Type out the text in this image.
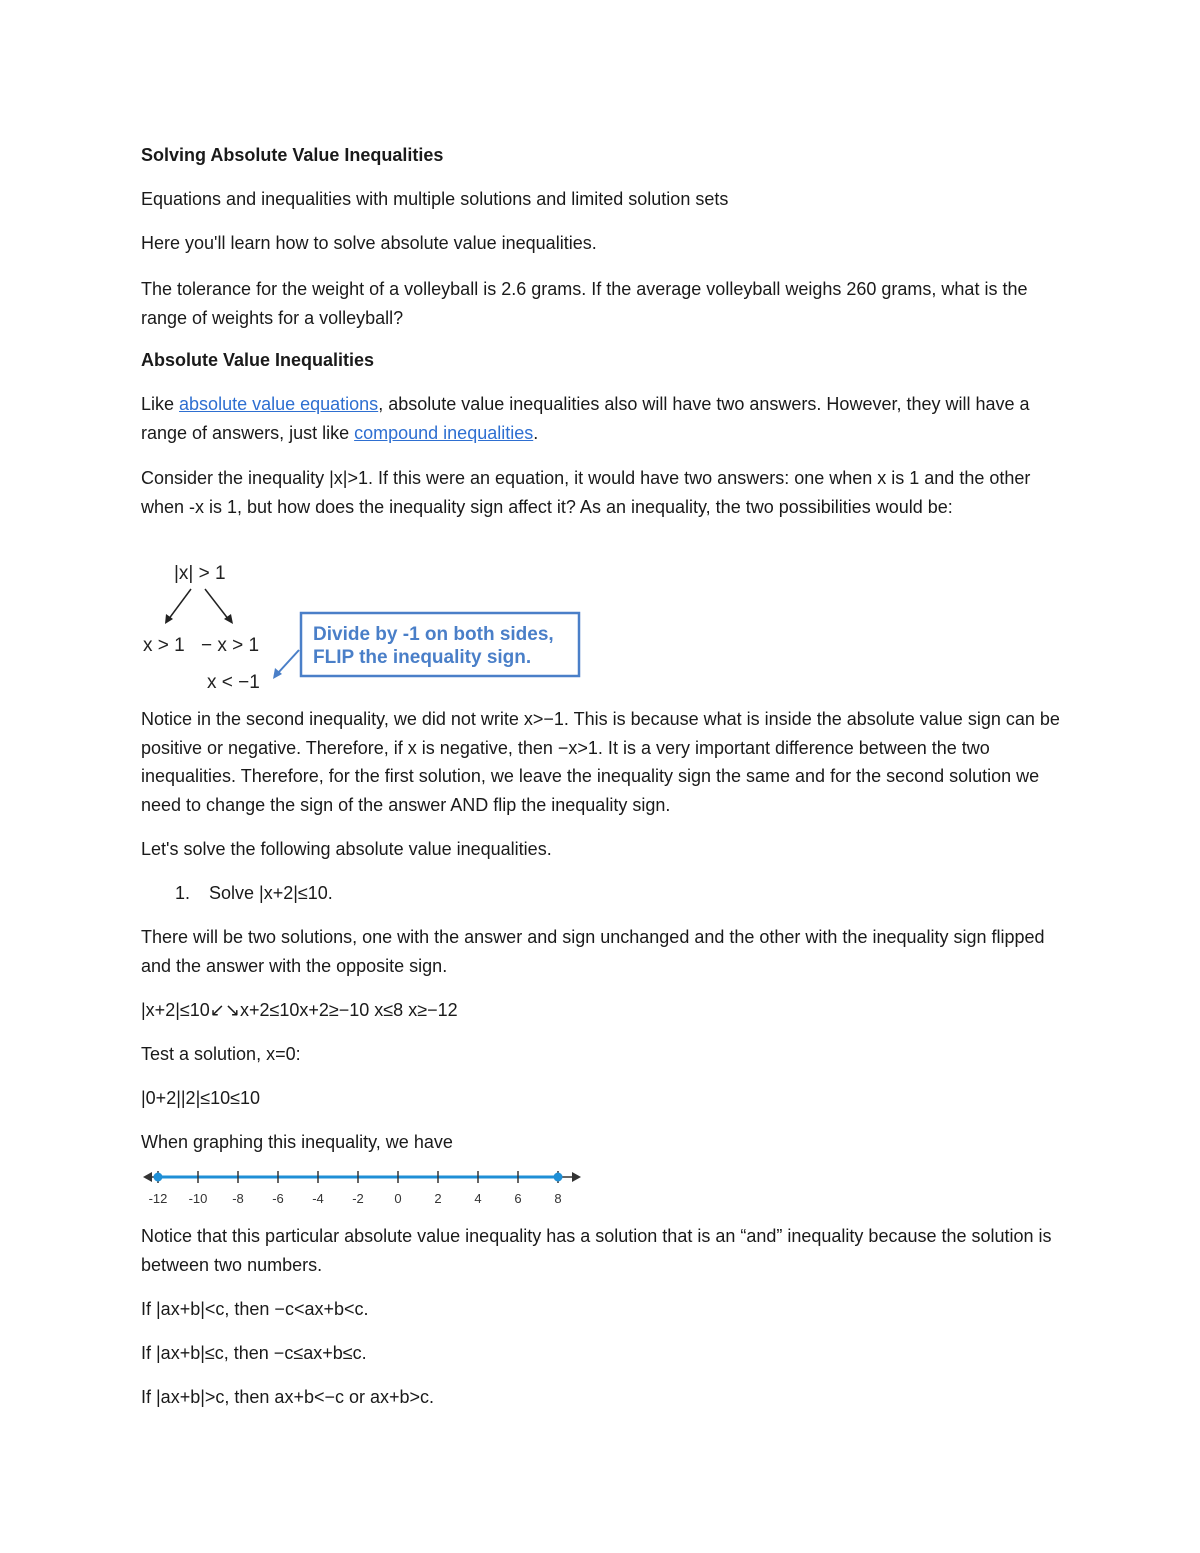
Solving Absolute Value Inequalities

Equations and inequalities with multiple solutions and limited solution sets

Here you'll learn how to solve absolute value inequalities.

The tolerance for the weight of a volleyball is 2.6 grams. If the average volleyball weighs 260 grams, what is the range of weights for a volleyball?

Absolute Value Inequalities

Like absolute value equations, absolute value inequalities also will have two answers. However, they will have a range of answers, just like compound inequalities.

Consider the inequality |x|>1. If this were an equation, it would have two answers: one when x is 1 and the other when -x is 1, but how does the inequality sign affect it? As an inequality, the two possibilities would be:

|x| > 1
x > 1 − x > 1
x < −1
Divide by -1 on both sides,
FLIP the inequality sign.

Notice in the second inequality, we did not write x>−1. This is because what is inside the absolute value sign can be positive or negative. Therefore, if x is negative, then −x>1. It is a very important difference between the two inequalities. Therefore, for the first solution, we leave the inequality sign the same and for the second solution we need to change the sign of the answer AND flip the inequality sign.

Let's solve the following absolute value inequalities.

1. Solve |x+2|≤10.

There will be two solutions, one with the answer and sign unchanged and the other with the inequality sign flipped and the answer with the opposite sign.

|x+2|≤10↙↘x+2≤10x+2≥−10 x≤8 x≥−12

Test a solution, x=0:

|0+2||2|≤10≤10

When graphing this inequality, we have

-12 -10 -8 -6 -4 -2 0	2	4	6	8

Notice that this particular absolute value inequality has a solution that is an “and” inequality because the solution is between two numbers.

If |ax+b|<c, then −c<ax+b<c.

If |ax+b|≤c, then −c≤ax+b≤c.

If |ax+b|>c, then ax+b<−c or ax+b>c.
